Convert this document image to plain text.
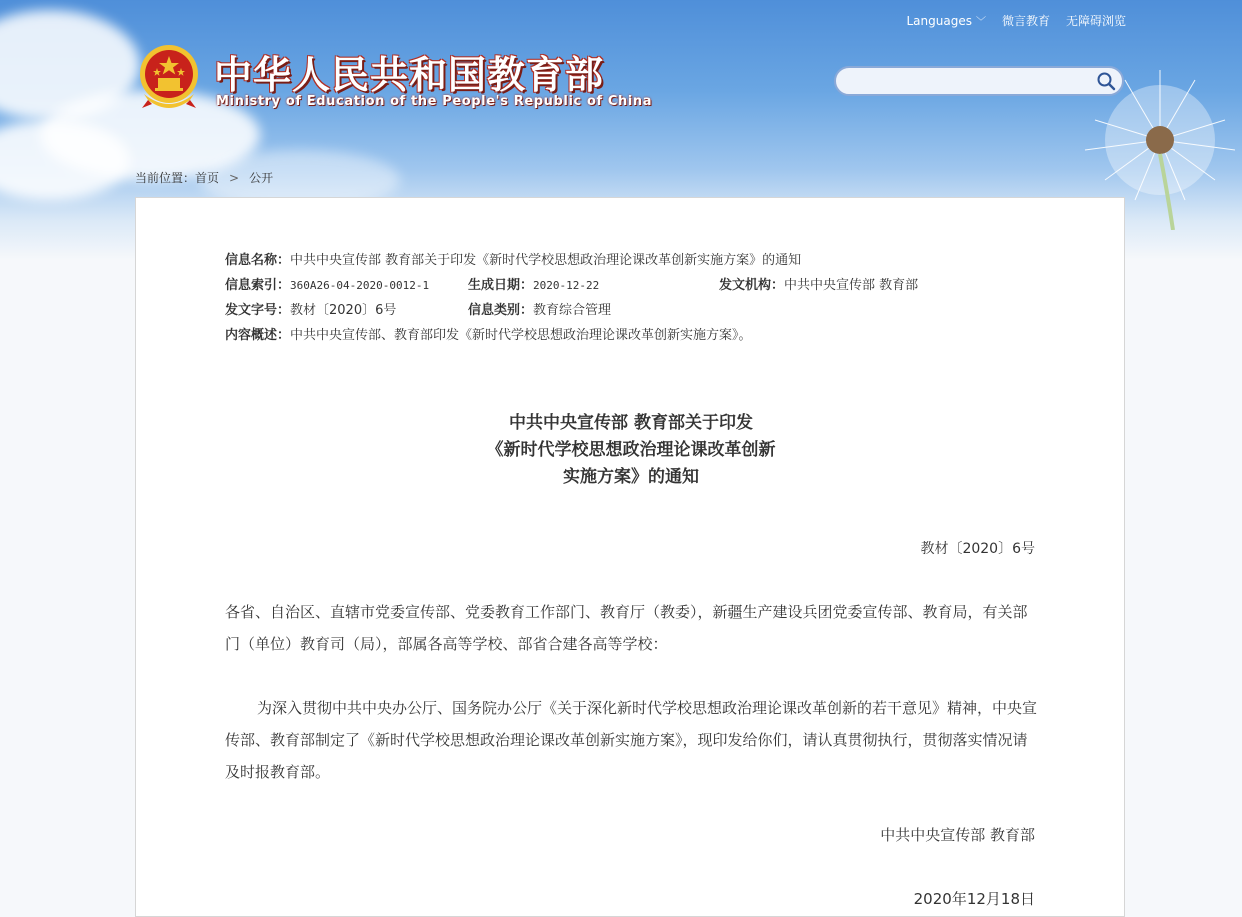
Languages ﹀ 微言教育 无障碍浏览
中华人民共和国教育部
Ministry of Education of the People's Republic of China
当前位置：首页 > 公开
信息名称：中共中央宣传部 教育部关于印发《新时代学校思想政治理论课改革创新实施方案》的通知
信息索引：360A26-04-2020-0012-1	生成日期：2020-12-22	发文机构：中共中央宣传部 教育部
发文字号：教材〔2020〕6号	信息类别：教育综合管理
内容概述：中共中央宣传部、教育部印发《新时代学校思想政治理论课改革创新实施方案》。
中共中央宣传部 教育部关于印发
《新时代学校思想政治理论课改革创新
实施方案》的通知
教材〔2020〕6号
各省、自治区、直辖市党委宣传部、党委教育工作部门、教育厅（教委），新疆生产建设兵团党委宣传部、教育局，有关部门（单位）教育司（局），部属各高等学校、部省合建各高等学校：
为深入贯彻中共中央办公厅、国务院办公厅《关于深化新时代学校思想政治理论课改革创新的若干意见》精神，中央宣传部、教育部制定了《新时代学校思想政治理论课改革创新实施方案》，现印发给你们，请认真贯彻执行，贯彻落实情况请及时报教育部。
中共中央宣传部 教育部
2020年12月18日
